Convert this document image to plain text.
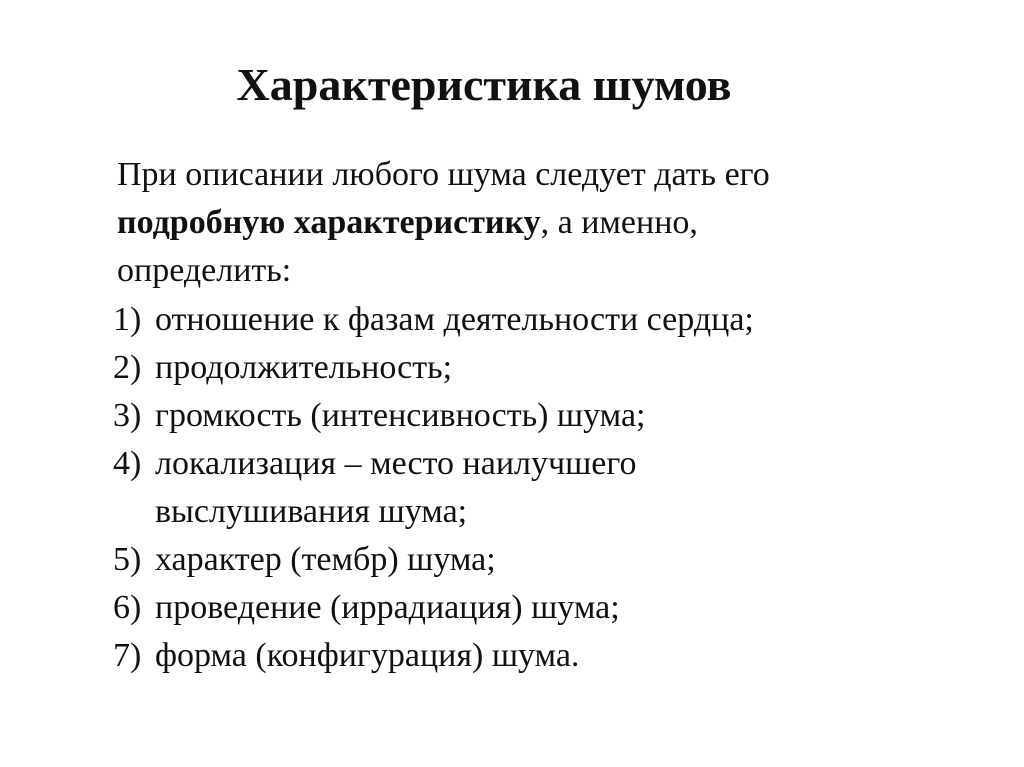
Характеристика шумов
При описании любого шума следует дать его
подробную характеристику, а именно,
определить:
1) отношение к фазам деятельности сердца;
2) продолжительность;
3) громкость (интенсивность) шума;
4) локализация – место наилучшего
выслушивания шума;
5) характер (тембр) шума;
6) проведение (иррадиация) шума;
7) форма (конфигурация) шума.
